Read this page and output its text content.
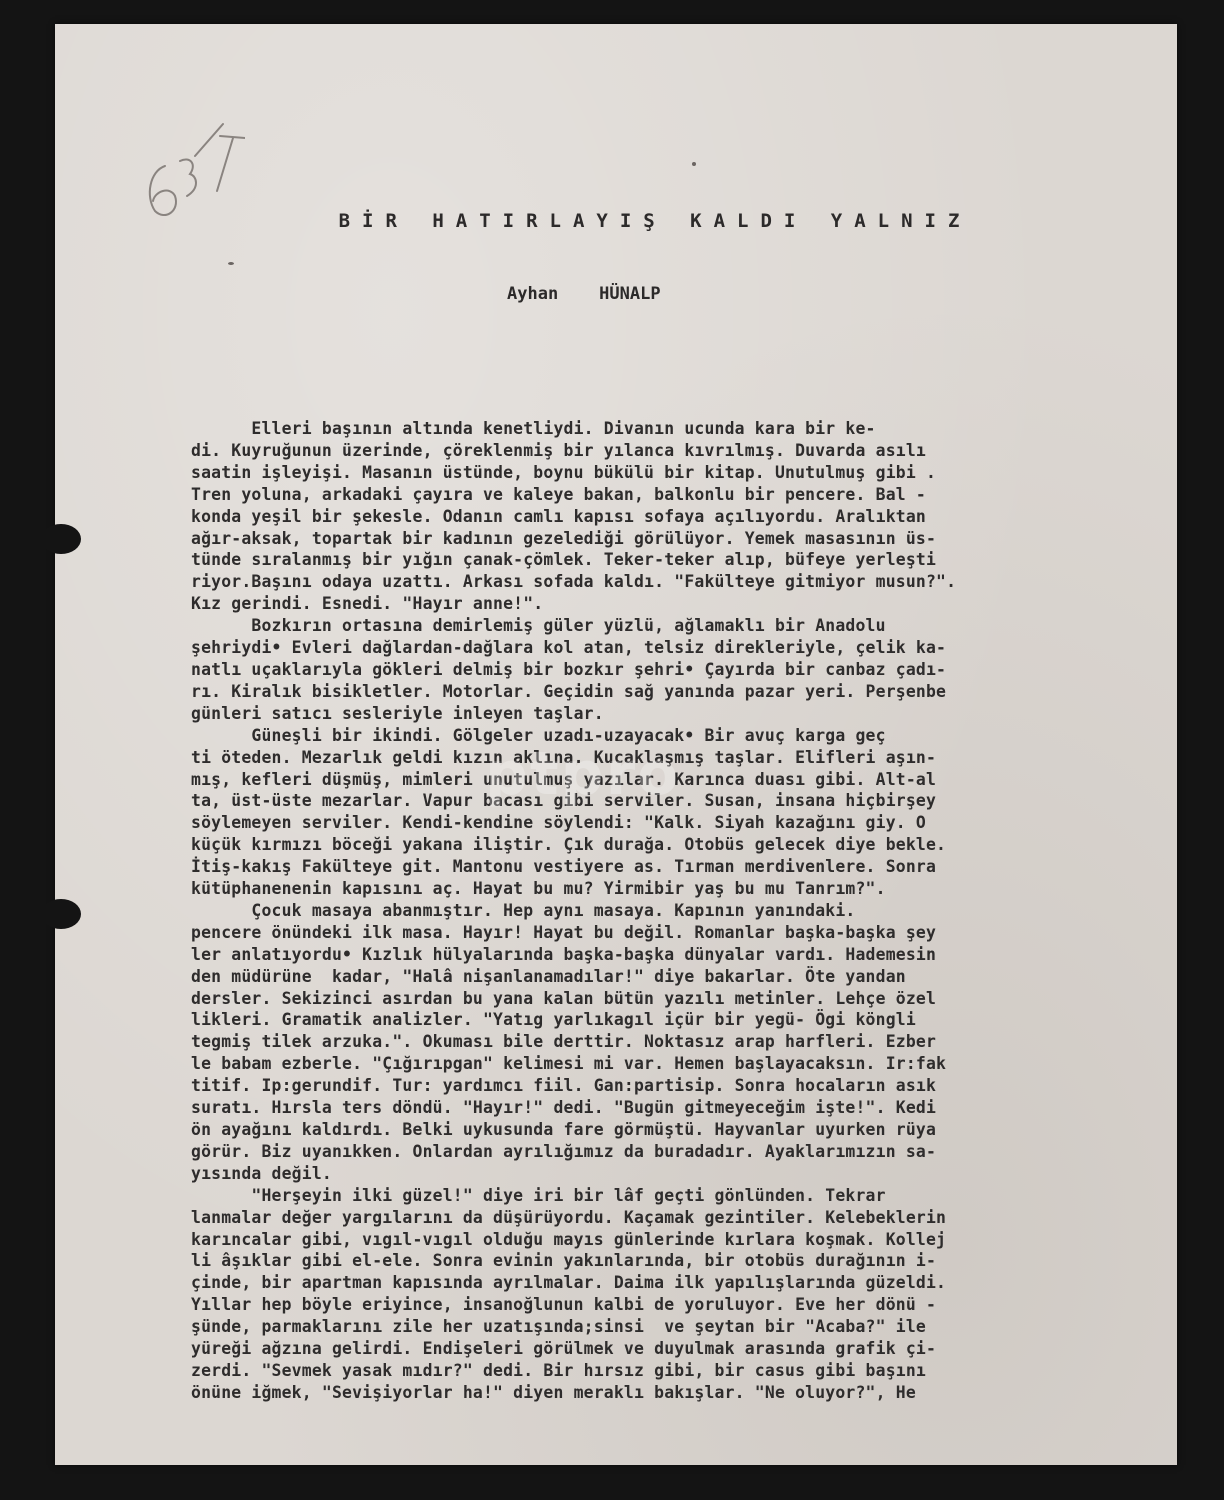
BİR HATIRLAYIŞ KALDI YALNIZ
Ayhan HÜNALP
Elleri başının altında kenetliydi. Divanın ucunda kara bir ke-
di. Kuyruğunun üzerinde, çöreklenmiş bir yılanca kıvrılmış. Duvarda asılı
saatin işleyişi. Masanın üstünde, boynu bükülü bir kitap. Unutulmuş gibi .
Tren yoluna, arkadaki çayıra ve kaleye bakan, balkonlu bir pencere. Bal -
konda yeşil bir şekesle. Odanın camlı kapısı sofaya açılıyordu. Aralıktan
ağır-aksak, topartak bir kadının gezelediği görülüyor. Yemek masasının üs-
tünde sıralanmış bir yığın çanak-çömlek. Teker-teker alıp, büfeye yerleşti
riyor.Başını odaya uzattı. Arkası sofada kaldı. "Fakülteye gitmiyor musun?".
Kız gerindi. Esnedi. "Hayır anne!".
Bozkırın ortasına demirlemiş güler yüzlü, ağlamaklı bir Anadolu
şehriydi• Evleri dağlardan-dağlara kol atan, telsiz direkleriyle, çelik ka-
natlı uçaklarıyla gökleri delmiş bir bozkır şehri• Çayırda bir canbaz çadı-
rı. Kiralık bisikletler. Motorlar. Geçidin sağ yanında pazar yeri. Perşenbe
günleri satıcı sesleriyle inleyen taşlar.
Güneşli bir ikindi. Gölgeler uzadı-uzayacak• Bir avuç karga geç
ti öteden. Mezarlık geldi kızın aklına. Kucaklaşmış taşlar. Elifleri aşın-
mış, kefleri düşmüş, mimleri unutulmuş yazılar. Karınca duası gibi. Alt-al
ta, üst-üste mezarlar. Vapur bacası gibi serviler. Susan, insana hiçbirşey
söylemeyen serviler. Kendi-kendine söylendi: "Kalk. Siyah kazağını giy. O
küçük kırmızı böceği yakana iliştir. Çık durağa. Otobüs gelecek diye bekle.
İtiş-kakış Fakülteye git. Mantonu vestiyere as. Tırman merdivenlere. Sonra
kütüphanenenin kapısını aç. Hayat bu mu? Yirmibir yaş bu mu Tanrım?".
Çocuk masaya abanmıştır. Hep aynı masaya. Kapının yanındaki.
pencere önündeki ilk masa. Hayır! Hayat bu değil. Romanlar başka-başka şey
ler anlatıyordu• Kızlık hülyalarında başka-başka dünyalar vardı. Hademesin
den müdürüne  kadar, "Halâ nişanlanamadılar!" diye bakarlar. Öte yandan
dersler. Sekizinci asırdan bu yana kalan bütün yazılı metinler. Lehçe özel
likleri. Gramatik analizler. "Yatıg yarlıkagıl içür bir yegü- Ögi köngli
tegmiş tilek arzuka.". Okuması bile derttir. Noktasız arap harfleri. Ezber
le babam ezberle. "Çığırıpgan" kelimesi mi var. Hemen başlayacaksın. Ir:fak
titif. Ip:gerundif. Tur: yardımcı fiil. Gan:partisip. Sonra hocaların asık
suratı. Hırsla ters döndü. "Hayır!" dedi. "Bugün gitmeyeceğim işte!". Kedi
ön ayağını kaldırdı. Belki uykusunda fare görmüştü. Hayvanlar uyurken rüya
görür. Biz uyanıkken. Onlardan ayrılığımız da buradadır. Ayaklarımızın sa-
yısında değil.
"Herşeyin ilki güzel!" diye iri bir lâf geçti gönlünden. Tekrar
lanmalar değer yargılarını da düşürüyordu. Kaçamak gezintiler. Kelebeklerin
karıncalar gibi, vıgıl-vıgıl olduğu mayıs günlerinde kırlara koşmak. Kollej
li âşıklar gibi el-ele. Sonra evinin yakınlarında, bir otobüs durağının i-
çinde, bir apartman kapısında ayrılmalar. Daima ilk yapılışlarında güzeldi.
Yıllar hep böyle eriyince, insanoğlunun kalbi de yoruluyor. Eve her dönü -
şünde, parmaklarını zile her uzatışında;sinsi  ve şeytan bir "Acaba?" ile
yüreği ağzına gelirdi. Endişeleri görülmek ve duyulmak arasında grafik çi-
zerdi. "Sevmek yasak mıdır?" dedi. Bir hırsız gibi, bir casus gibi başını
önüne iğmek, "Sevişiyorlar ha!" diyen meraklı bakışlar. "Ne oluyor?", He
ptpro
